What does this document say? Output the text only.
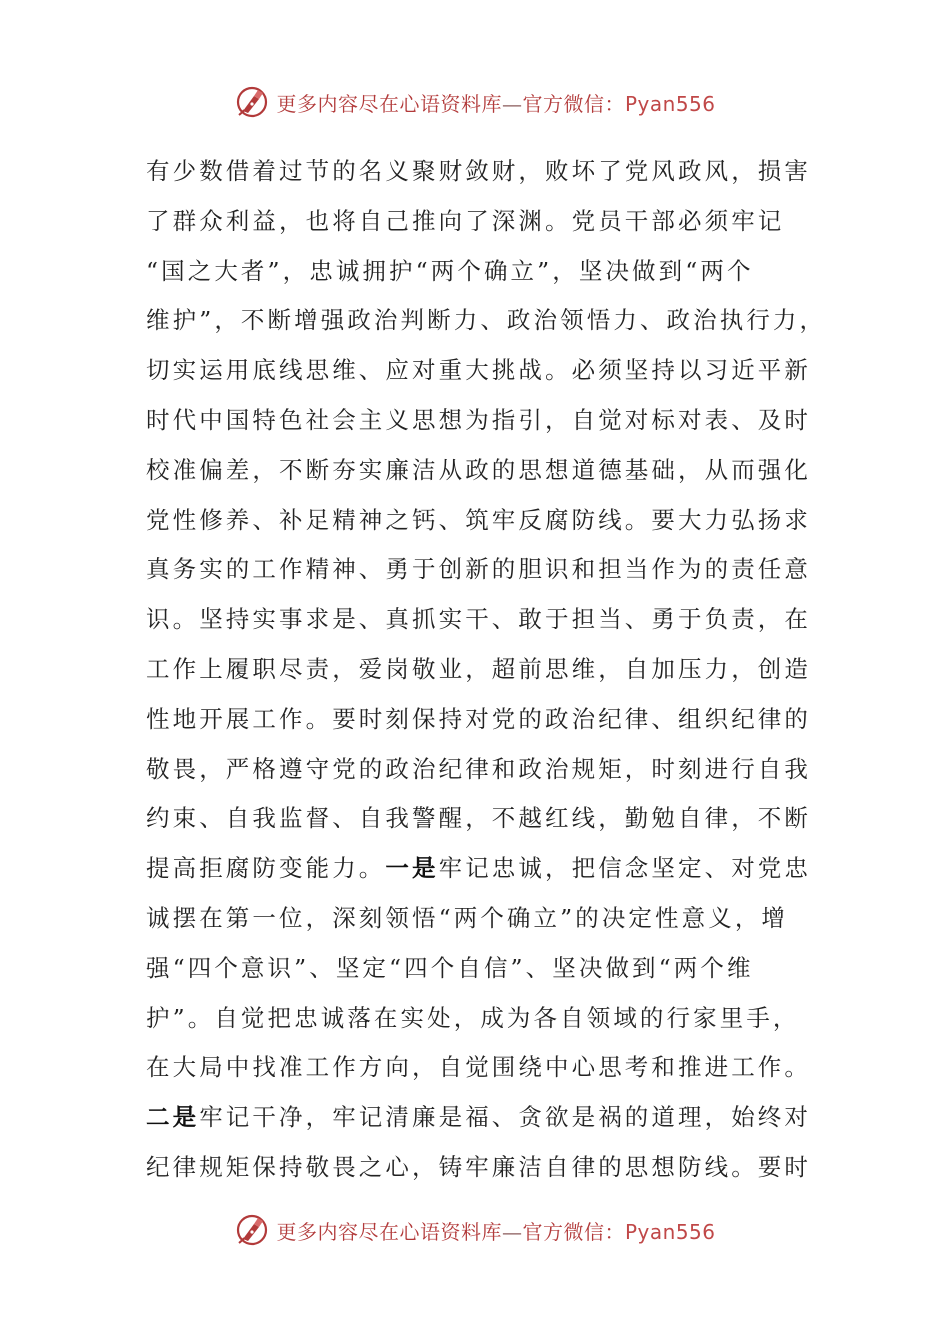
更多内容尽在心语资料库—官方微信：Pyan556
有少数借着过节的名义聚财敛财，败坏了党风政风，损害
了群众利益，也将自己推向了深渊。党员干部必须牢记
“国之大者”，忠诚拥护“两个确立”，坚决做到“两个
维护”，不断增强政治判断力、政治领悟力、政治执行力，
切实运用底线思维、应对重大挑战。必须坚持以习近平新
时代中国特色社会主义思想为指引，自觉对标对表、及时
校准偏差，不断夯实廉洁从政的思想道德基础，从而强化
党性修养、补足精神之钙、筑牢反腐防线。要大力弘扬求
真务实的工作精神、勇于创新的胆识和担当作为的责任意
识。坚持实事求是、真抓实干、敢于担当、勇于负责，在
工作上履职尽责，爱岗敬业，超前思维，自加压力，创造
性地开展工作。要时刻保持对党的政治纪律、组织纪律的
敬畏，严格遵守党的政治纪律和政治规矩，时刻进行自我
约束、自我监督、自我警醒，不越红线，勤勉自律，不断
提高拒腐防变能力。一是牢记忠诚，把信念坚定、对党忠
诚摆在第一位，深刻领悟“两个确立”的决定性意义，增
强“四个意识”、坚定“四个自信”、坚决做到“两个维
护”。自觉把忠诚落在实处，成为各自领域的行家里手，
在大局中找准工作方向，自觉围绕中心思考和推进工作。
二是牢记干净，牢记清廉是福、贪欲是祸的道理，始终对
纪律规矩保持敬畏之心，铸牢廉洁自律的思想防线。要时
更多内容尽在心语资料库—官方微信：Pyan556
